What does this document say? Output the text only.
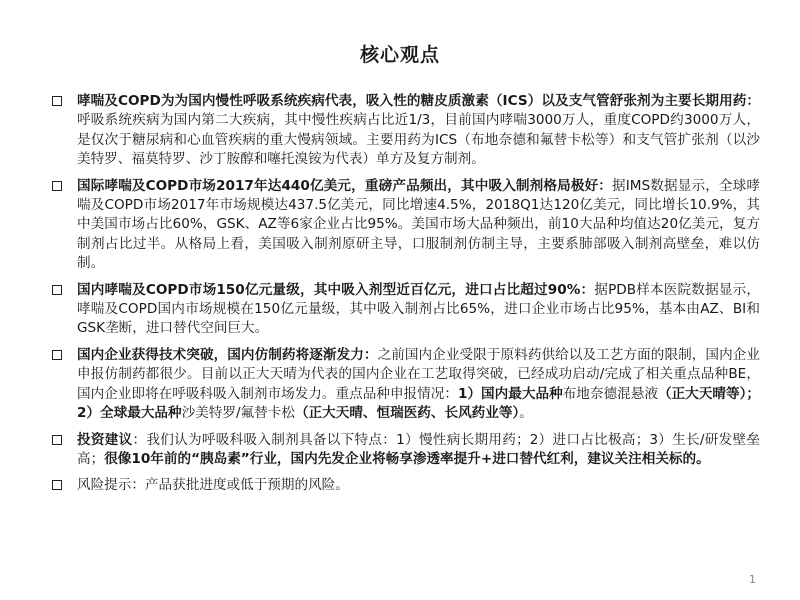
核心观点
哮喘及COPD为为国内慢性呼吸系统疾病代表，吸入性的糖皮质激素（ICS）以及支气管舒张剂为主要长期用药：呼吸系统疾病为国内第二大疾病，其中慢性疾病占比近1/3，目前国内哮喘3000万人，重度COPD约3000万人，是仅次于糖尿病和心血管疾病的重大慢病领域。主要用药为ICS（布地奈德和氟替卡松等）和支气管扩张剂（以沙美特罗、福莫特罗、沙丁胺醇和噻托溴铵为代表）单方及复方制剂。
国际哮喘及COPD市场2017年达440亿美元，重磅产品频出，其中吸入制剂格局极好：据IMS数据显示，全球哮喘及COPD市场2017年市场规模达437.5亿美元，同比增速4.5%，2018Q1达120亿美元，同比增长10.9%，其中美国市场占比60%，GSK、AZ等6家企业占比95%。美国市场大品种频出，前10大品种均值达20亿美元，复方制剂占比过半。从格局上看，美国吸入制剂原研主导，口服制剂仿制主导，主要系肺部吸入制剂高壁垒，难以仿制。
国内哮喘及COPD市场150亿元量级，其中吸入剂型近百亿元，进口占比超过90%：据PDB样本医院数据显示，哮喘及COPD国内市场规模在150亿元量级，其中吸入制剂占比65%，进口企业市场占比95%，基本由AZ、BI和GSK垄断，进口替代空间巨大。
国内企业获得技术突破，国内仿制药将逐渐发力：之前国内企业受限于原料药供给以及工艺方面的限制，国内企业申报仿制药都很少。目前以正大天晴为代表的国内企业在工艺取得突破，已经成功启动/完成了相关重点品种BE，国内企业即将在呼吸科吸入制剂市场发力。重点品种申报情况：1）国内最大品种布地奈德混悬液（正大天晴等）；2）全球最大品种沙美特罗/氟替卡松（正大天晴、恒瑞医药、长风药业等）。
投资建议：我们认为呼吸科吸入制剂具备以下特点：1）慢性病长期用药；2）进口占比极高；3）生长/研发壁垒高；很像10年前的“胰岛素”行业，国内先发企业将畅享渗透率提升+进口替代红利，建议关注相关标的。
风险提示：产品获批进度或低于预期的风险。
1
